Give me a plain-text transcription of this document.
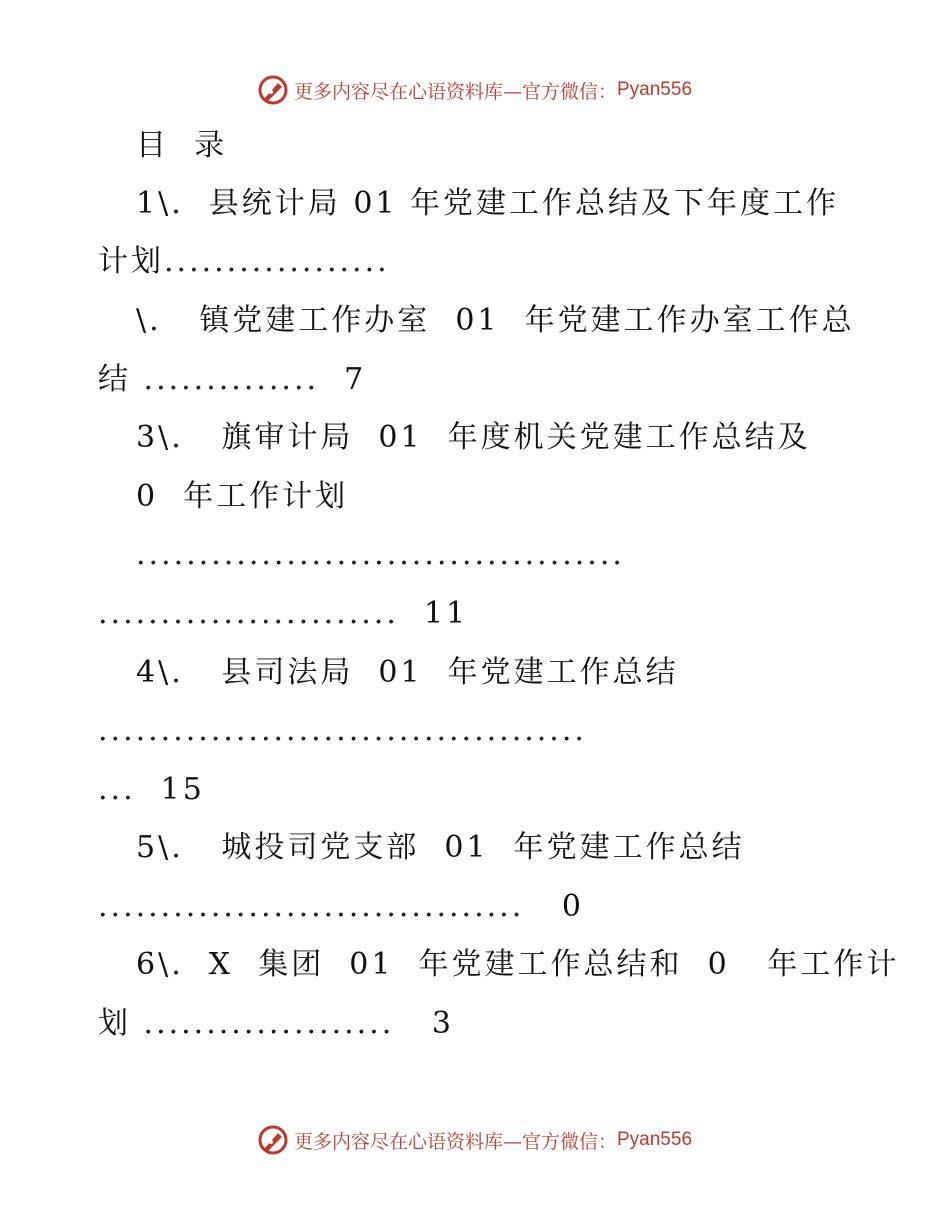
更多内容尽在心语资料库—官方微信： Pyan556
目  录
1\.  县统计局 01 年党建工作总结及下年度工作
计划..................
\.   镇党建工作办室  01  年党建工作办室工作总
结 ..............  7
3\.   旗审计局  01  年度机关党建工作总结及
0  年工作计划
.......................................
........................  11
4\.   县司法局  01  年党建工作总结
.......................................
...  15
5\.   城投司党支部  01  年党建工作总结
..................................   0
6\.  X  集团  01  年党建工作总结和  0   年工作计
划 ....................   3
更多内容尽在心语资料库—官方微信： Pyan556
